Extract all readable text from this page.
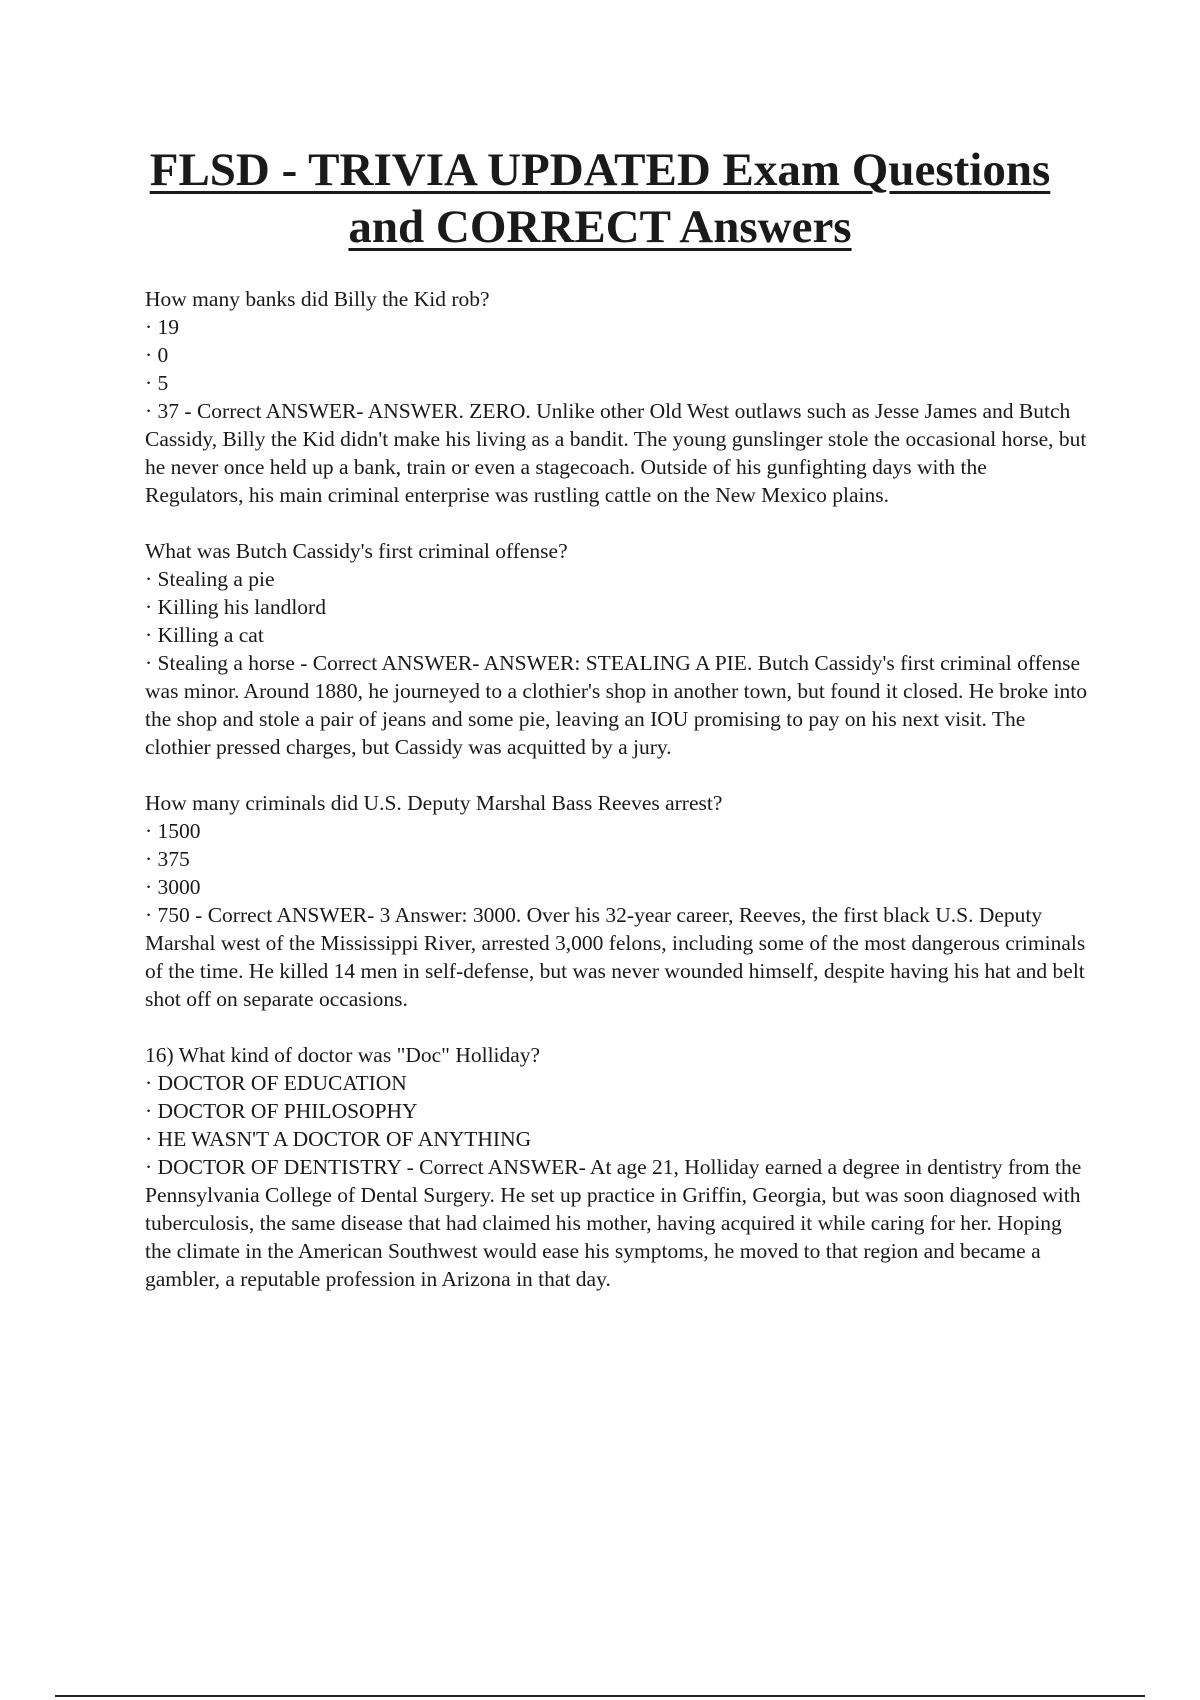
FLSD - TRIVIA UPDATED Exam Questions
and CORRECT Answers

How many banks did Billy the Kid rob?

· 19

· 0

· 5

· 37 - Correct ANSWER- ANSWER. ZERO. Unlike other Old West outlaws such as Jesse James and Butch Cassidy, Billy the Kid didn't make his living as a bandit. The young gunslinger stole the occasional horse, but he never once held up a bank, train or even a stagecoach. Outside of his gunfighting days with the Regulators, his main criminal enterprise was rustling cattle on the New Mexico plains.

What was Butch Cassidy's first criminal offense?

· Stealing a pie

· Killing his landlord

· Killing a cat

· Stealing a horse - Correct ANSWER- ANSWER: STEALING A PIE. Butch Cassidy's first criminal offense was minor. Around 1880, he journeyed to a clothier's shop in another town, but found it closed. He broke into the shop and stole a pair of jeans and some pie, leaving an IOU promising to pay on his next visit. The clothier pressed charges, but Cassidy was acquitted by a jury.

How many criminals did U.S. Deputy Marshal Bass Reeves arrest?

· 1500

· 375

· 3000

· 750 - Correct ANSWER- 3 Answer: 3000. Over his 32-year career, Reeves, the first black U.S. Deputy Marshal west of the Mississippi River, arrested 3,000 felons, including some of the most dangerous criminals of the time. He killed 14 men in self-defense, but was never wounded himself, despite having his hat and belt shot off on separate occasions.

16) What kind of doctor was "Doc" Holliday?

· DOCTOR OF EDUCATION

· DOCTOR OF PHILOSOPHY

· HE WASN'T A DOCTOR OF ANYTHING

· DOCTOR OF DENTISTRY - Correct ANSWER- At age 21, Holliday earned a degree in dentistry from the Pennsylvania College of Dental Surgery. He set up practice in Griffin, Georgia, but was soon diagnosed with tuberculosis, the same disease that had claimed his mother, having acquired it while caring for her. Hoping the climate in the American Southwest would ease his symptoms, he moved to that region and became a gambler, a reputable profession in Arizona in that day.
